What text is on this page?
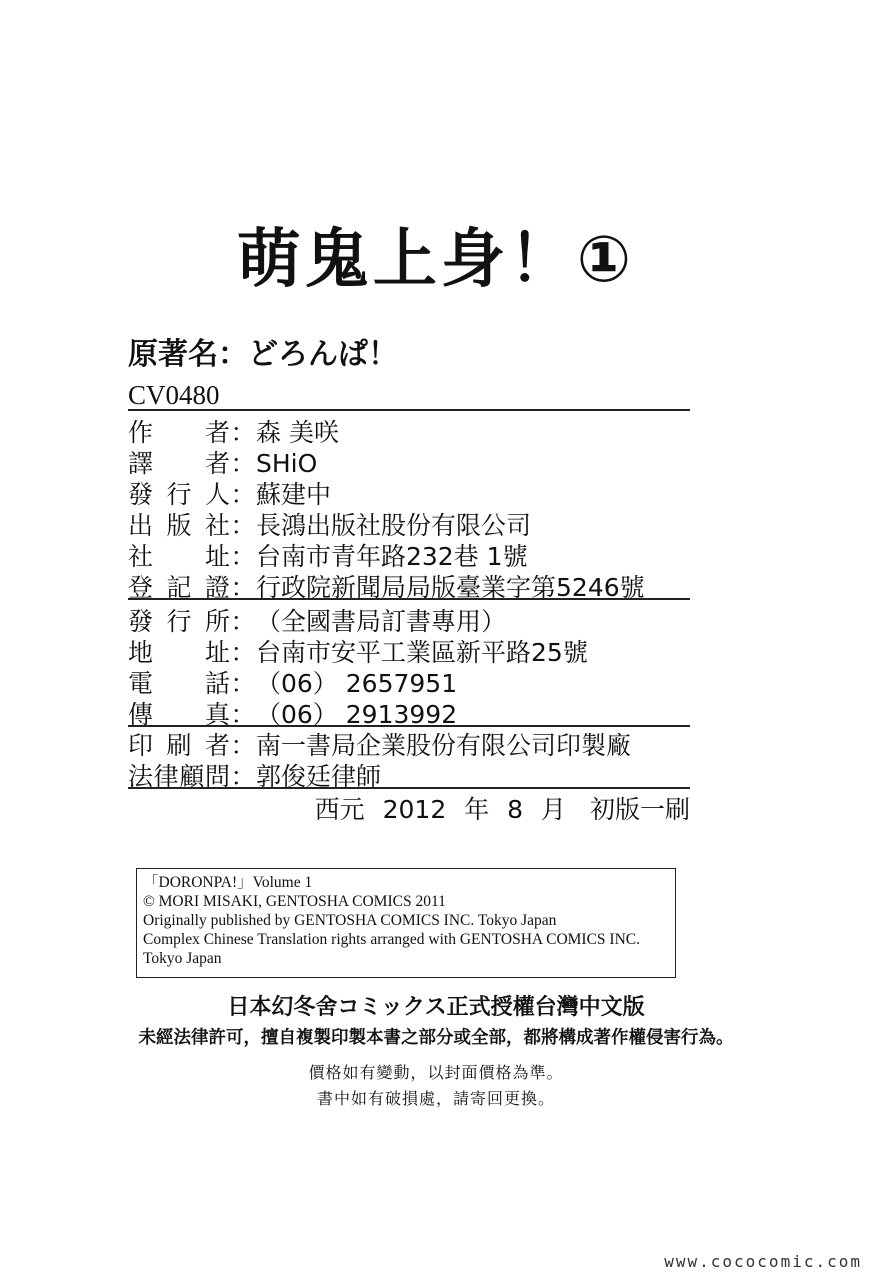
萌鬼上身！①
原著名：どろんぱ！
CV0480
作者：森 美咲
譯者：SHiO
發行人：蘇建中
出版社：長鴻出版社股份有限公司
社址：台南市青年路232巷 1號
登記證：行政院新聞局局版臺業字第5246號
發行所：（全國書局訂書專用）
地址：台南市安平工業區新平路25號
電話：（06） 2657951
傳真：（06） 2913992
印刷者：南一書局企業股份有限公司印製廠
法律顧問：郭俊廷律師
西元 2012 年 8 月 初版一刷
「DORONPA!」Volume 1
© MORI MISAKI, GENTOSHA COMICS 2011
Originally published by GENTOSHA COMICS INC. Tokyo Japan
Complex Chinese Translation rights arranged with GENTOSHA COMICS INC.
Tokyo Japan
日本幻冬舍コミックス正式授權台灣中文版
未經法律許可，擅自複製印製本書之部分或全部，都將構成著作權侵害行為。
價格如有變動，以封面價格為準。
書中如有破損處，請寄回更換。
www.cococomic.com
